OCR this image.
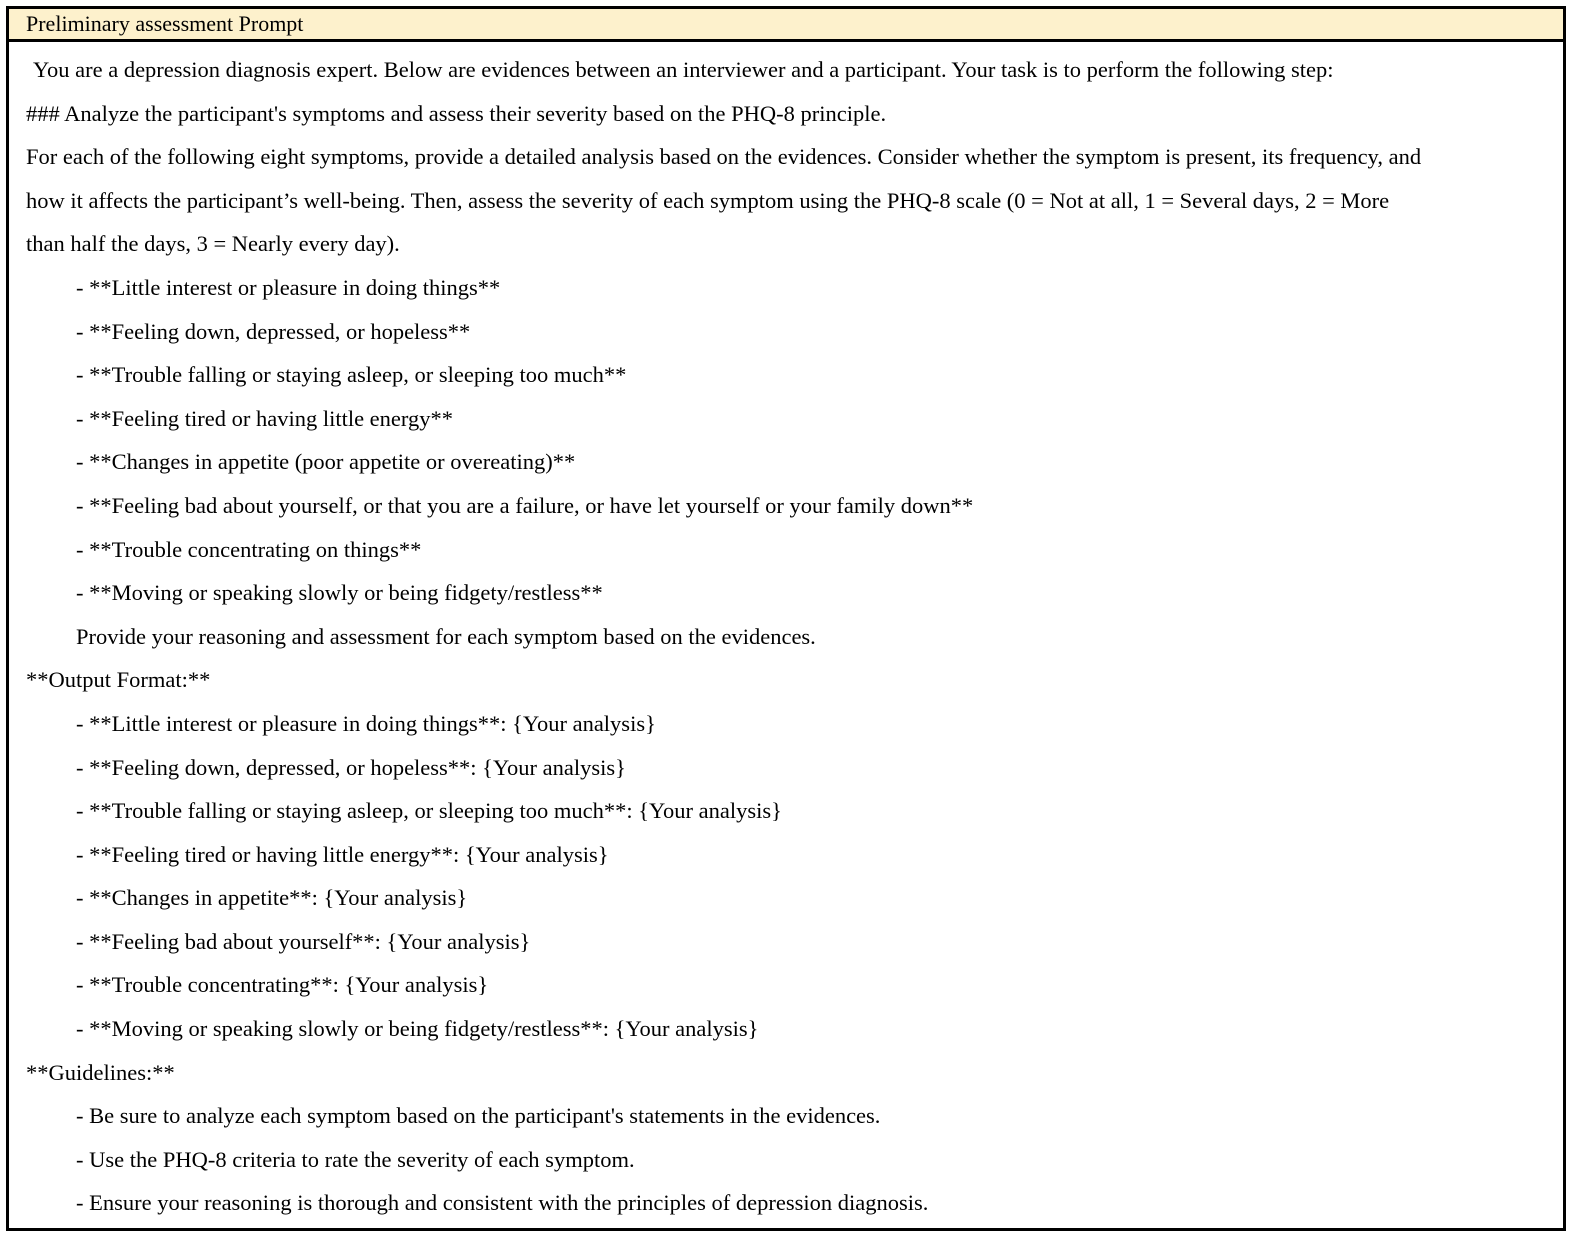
Preliminary assessment Prompt
You are a depression diagnosis expert. Below are evidences between an interviewer and a participant. Your task is to perform the following step:
### Analyze the participant's symptoms and assess their severity based on the PHQ-8 principle.
For each of the following eight symptoms, provide a detailed analysis based on the evidences. Consider whether the symptom is present, its frequency, and
how it affects the participant’s well-being. Then, assess the severity of each symptom using the PHQ-8 scale (0 = Not at all, 1 = Several days, 2 = More
than half the days, 3 = Nearly every day).
- **Little interest or pleasure in doing things**
- **Feeling down, depressed, or hopeless**
- **Trouble falling or staying asleep, or sleeping too much**
- **Feeling tired or having little energy**
- **Changes in appetite (poor appetite or overeating)**
- **Feeling bad about yourself, or that you are a failure, or have let yourself or your family down**
- **Trouble concentrating on things**
- **Moving or speaking slowly or being fidgety/restless**
Provide your reasoning and assessment for each symptom based on the evidences.
**Output Format:**
- **Little interest or pleasure in doing things**: {Your analysis}
- **Feeling down, depressed, or hopeless**: {Your analysis}
- **Trouble falling or staying asleep, or sleeping too much**: {Your analysis}
- **Feeling tired or having little energy**: {Your analysis}
- **Changes in appetite**: {Your analysis}
- **Feeling bad about yourself**: {Your analysis}
- **Trouble concentrating**: {Your analysis}
- **Moving or speaking slowly or being fidgety/restless**: {Your analysis}
**Guidelines:**
- Be sure to analyze each symptom based on the participant's statements in the evidences.
- Use the PHQ-8 criteria to rate the severity of each symptom.
- Ensure your reasoning is thorough and consistent with the principles of depression diagnosis.
